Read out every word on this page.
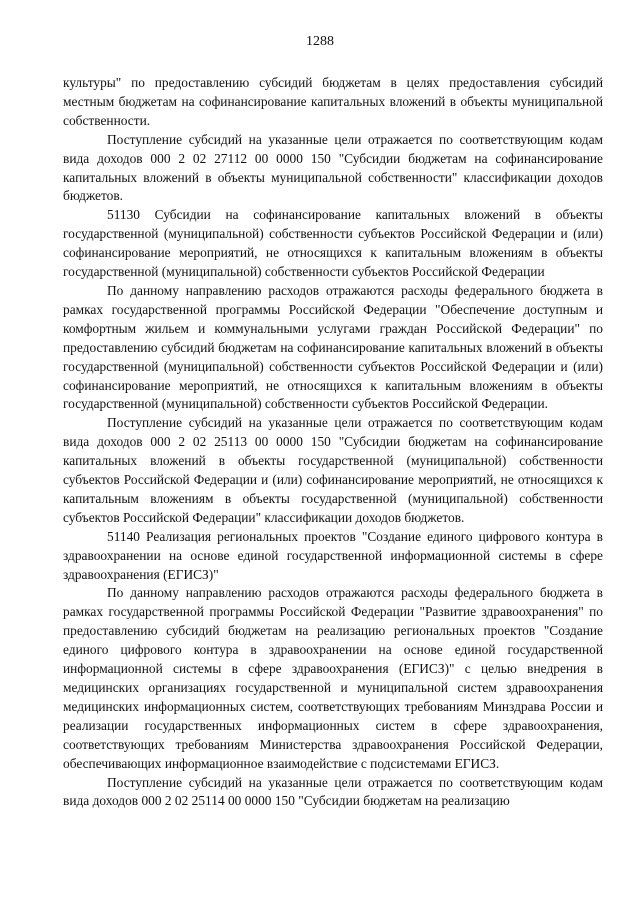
1288

культуры" по предоставлению субсидий бюджетам в целях предоставления субсидий местным бюджетам на софинансирование капитальных вложений в объекты муниципальной собственности.

Поступление субсидий на указанные цели отражается по соответствующим кодам вида доходов 000 2 02 27112 00 0000 150 "Субсидии бюджетам на софинансирование капитальных вложений в объекты муниципальной собственности" классификации доходов бюджетов.

51130 Субсидии на софинансирование капитальных вложений в объекты государственной (муниципальной) собственности субъектов Российской Федерации и (или) софинансирование мероприятий, не относящихся к капитальным вложениям в объекты государственной (муниципальной) собственности субъектов Российской Федерации

По данному направлению расходов отражаются расходы федерального бюджета в рамках государственной программы Российской Федерации "Обеспечение доступным и комфортным жильем и коммунальными услугами граждан Российской Федерации" по предоставлению субсидий бюджетам на софинансирование капитальных вложений в объекты государственной (муниципальной) собственности субъектов Российской Федерации и (или) софинансирование мероприятий, не относящихся к капитальным вложениям в объекты государственной (муниципальной) собственности субъектов Российской Федерации.

Поступление субсидий на указанные цели отражается по соответствующим кодам вида доходов 000 2 02 25113 00 0000 150 "Субсидии бюджетам на софинансирование капитальных вложений в объекты государственной (муниципальной) собственности субъектов Российской Федерации и (или) софинансирование мероприятий, не относящихся к капитальным вложениям в объекты государственной (муниципальной) собственности субъектов Российской Федерации" классификации доходов бюджетов.

51140 Реализация региональных проектов "Создание единого цифрового контура в здравоохранении на основе единой государственной информационной системы в сфере здравоохранения (ЕГИСЗ)"

По данному направлению расходов отражаются расходы федерального бюджета в рамках государственной программы Российской Федерации "Развитие здравоохранения" по предоставлению субсидий бюджетам на реализацию региональных проектов "Создание единого цифрового контура в здравоохранении на основе единой государственной информационной системы в сфере здравоохранения (ЕГИСЗ)" с целью внедрения в медицинских организациях государственной и муниципальной систем здравоохранения медицинских информационных систем, соответствующих требованиям Минздрава России и реализации государственных информационных систем в сфере здравоохранения, соответствующих требованиям Министерства здравоохранения Российской Федерации, обеспечивающих информационное взаимодействие с подсистемами ЕГИСЗ.

Поступление субсидий на указанные цели отражается по соответствующим кодам вида доходов 000 2 02 25114 00 0000 150 "Субсидии бюджетам на реализацию
